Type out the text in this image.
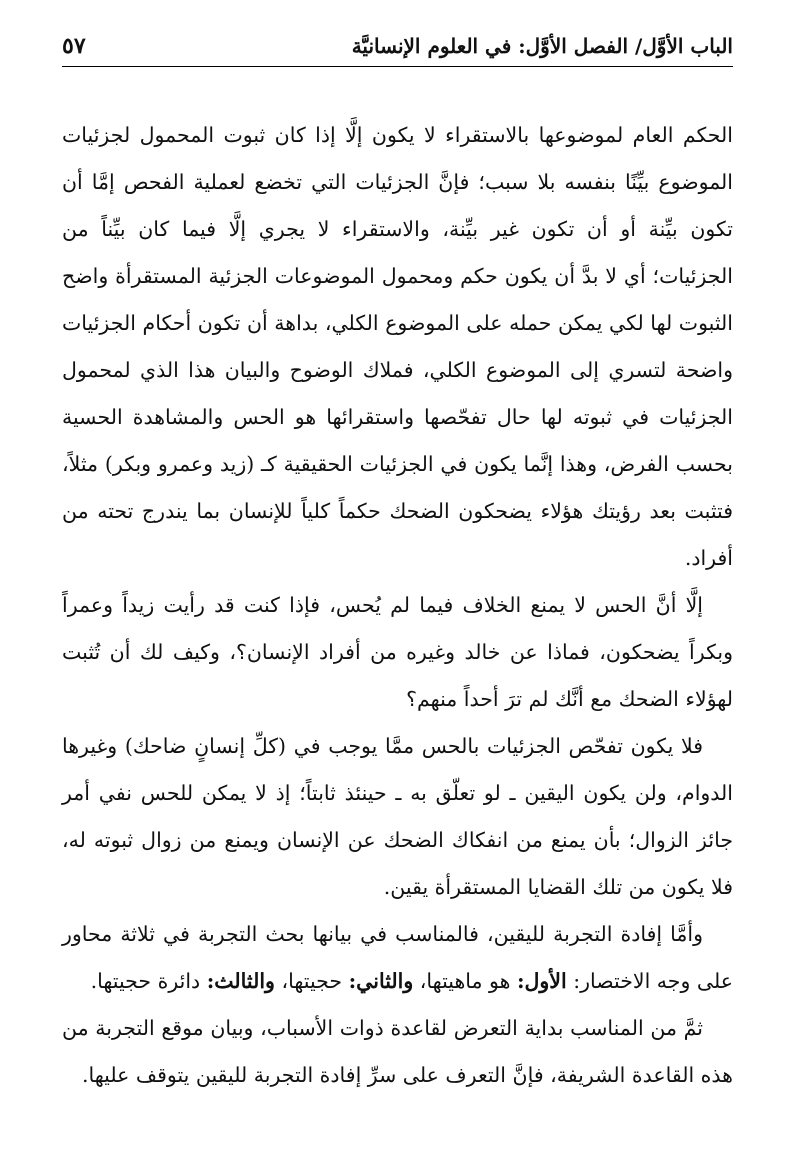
الباب الأوَّل/ الفصل الأوَّل: في العلوم الإنسانيَّة
٥٧

الحكم العام لموضوعها بالاستقراء لا يكون إلَّا إذا كان ثبوت المحمول لجزئيات الموضوع بيِّنًا بنفسه بلا سبب؛ فإنَّ الجزئيات التي تخضع لعملية الفحص إمَّا أن تكون بيِّنة أو أن تكون غير بيِّنة، والاستقراء لا يجري إلَّا فيما كان بيِّناً من الجزئيات؛ أي لا بدَّ أن يكون حكم ومحمول الموضوعات الجزئية المستقرأة واضح الثبوت لها لكي يمكن حمله على الموضوع الكلي، بداهة أن تكون أحكام الجزئيات واضحة لتسري إلى الموضوع الكلي، فملاك الوضوح والبيان هذا الذي لمحمول الجزئيات في ثبوته لها حال تفحّصها واستقرائها هو الحس والمشاهدة الحسية بحسب الفرض، وهذا إنَّما يكون في الجزئيات الحقيقية كـ (زيد وعمرو وبكر) مثلاً، فتثبت بعد رؤيتك هؤلاء يضحكون الضحك حكماً كلياً للإنسان بما يندرج تحته من أفراد.

إلَّا أنَّ الحس لا يمنع الخلاف فيما لم يُحس، فإذا كنت قد رأيت زيداً وعمراً وبكراً يضحكون، فماذا عن خالد وغيره من أفراد الإنسان؟، وكيف لك أن تُثبت لهؤلاء الضحك مع أنَّك لم ترَ أحداً منهم؟

فلا يكون تفحّص الجزئيات بالحس ممَّا يوجب في (كلِّ إنسانٍ ضاحك) وغيرها الدوام، ولن يكون اليقين ـ لو تعلّق به ـ حينئذ ثابتاً؛ إذ لا يمكن للحس نفي أمر جائز الزوال؛ بأن يمنع من انفكاك الضحك عن الإنسان ويمنع من زوال ثبوته له، فلا يكون من تلك القضايا المستقرأة يقين.

وأمَّا إفادة التجربة لليقين، فالمناسب في بيانها بحث التجربة في ثلاثة محاور على وجه الاختصار: الأول: هو ماهيتها، والثاني: حجيتها، والثالث: دائرة حجيتها.

ثمَّ من المناسب بداية التعرض لقاعدة ذوات الأسباب، وبيان موقع التجربة من هذه القاعدة الشريفة، فإنَّ التعرف على سرِّ إفادة التجربة لليقين يتوقف عليها.
